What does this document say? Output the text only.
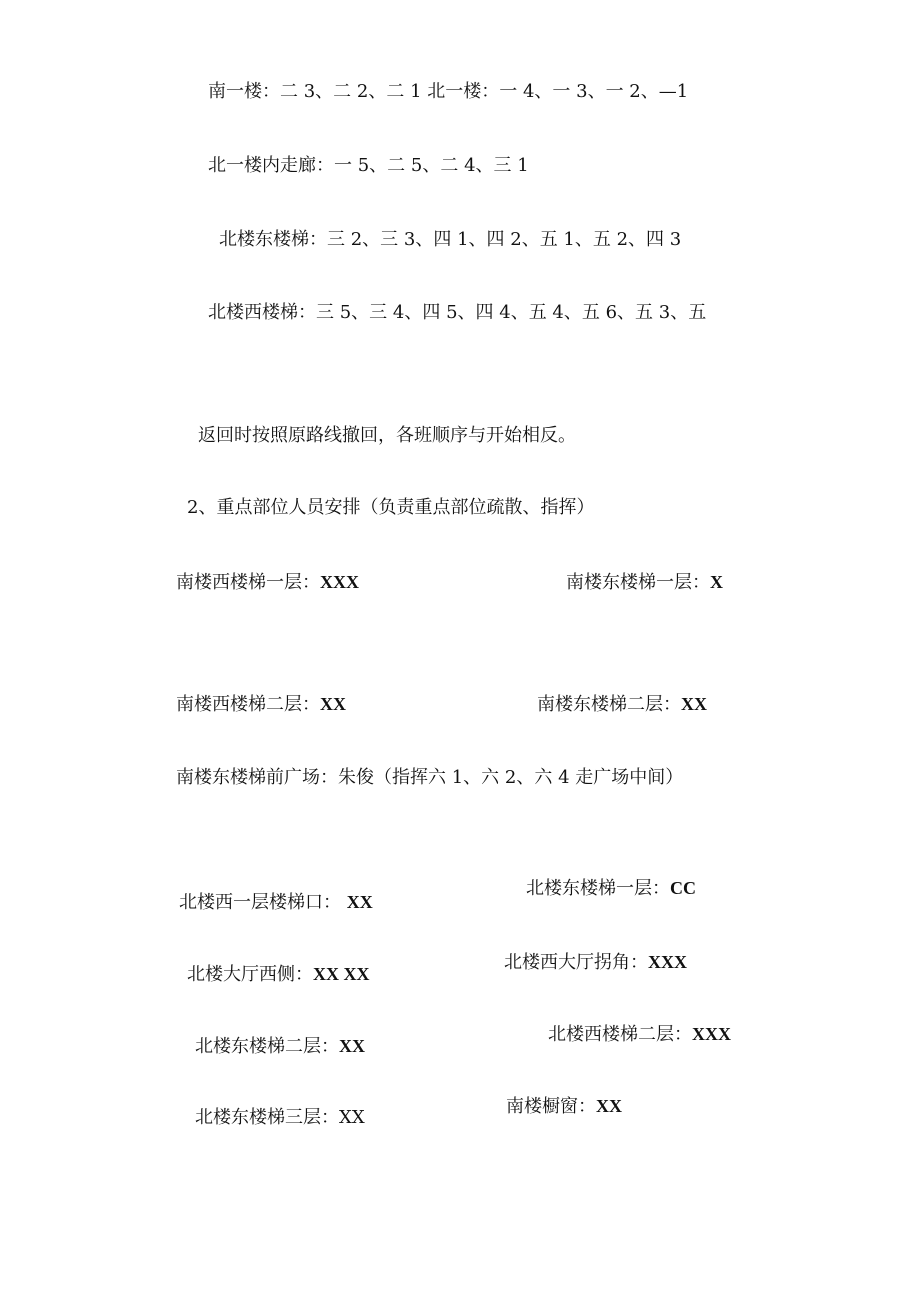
南一楼：二 3、二 2、二 1 北一楼：一 4、一 3、一 2、—1
北一楼内走廊：一 5、二 5、二 4、三 1
北楼东楼梯：三 2、三 3、四 1、四 2、五 1、五 2、四 3
北楼西楼梯：三 5、三 4、四 5、四 4、五 4、五 6、五 3、五
返回时按照原路线撤回，各班顺序与开始相反。
2、重点部位人员安排（负责重点部位疏散、指挥）
南楼西楼梯一层：XXX	南楼东楼梯一层：X
南楼西楼梯二层：XX	南楼东楼梯二层：XX
南楼东楼梯前广场：朱俊（指挥六 1、六 2、六 4 走广场中间）
北楼西一层楼梯口： XX
北楼东楼梯一层：CC
北楼大厅西侧：XX XX
北楼西大厅拐角：XXX
北楼东楼梯二层：XX
北楼西楼梯二层：XXX
北楼东楼梯三层：XX
南楼橱窗：XX
